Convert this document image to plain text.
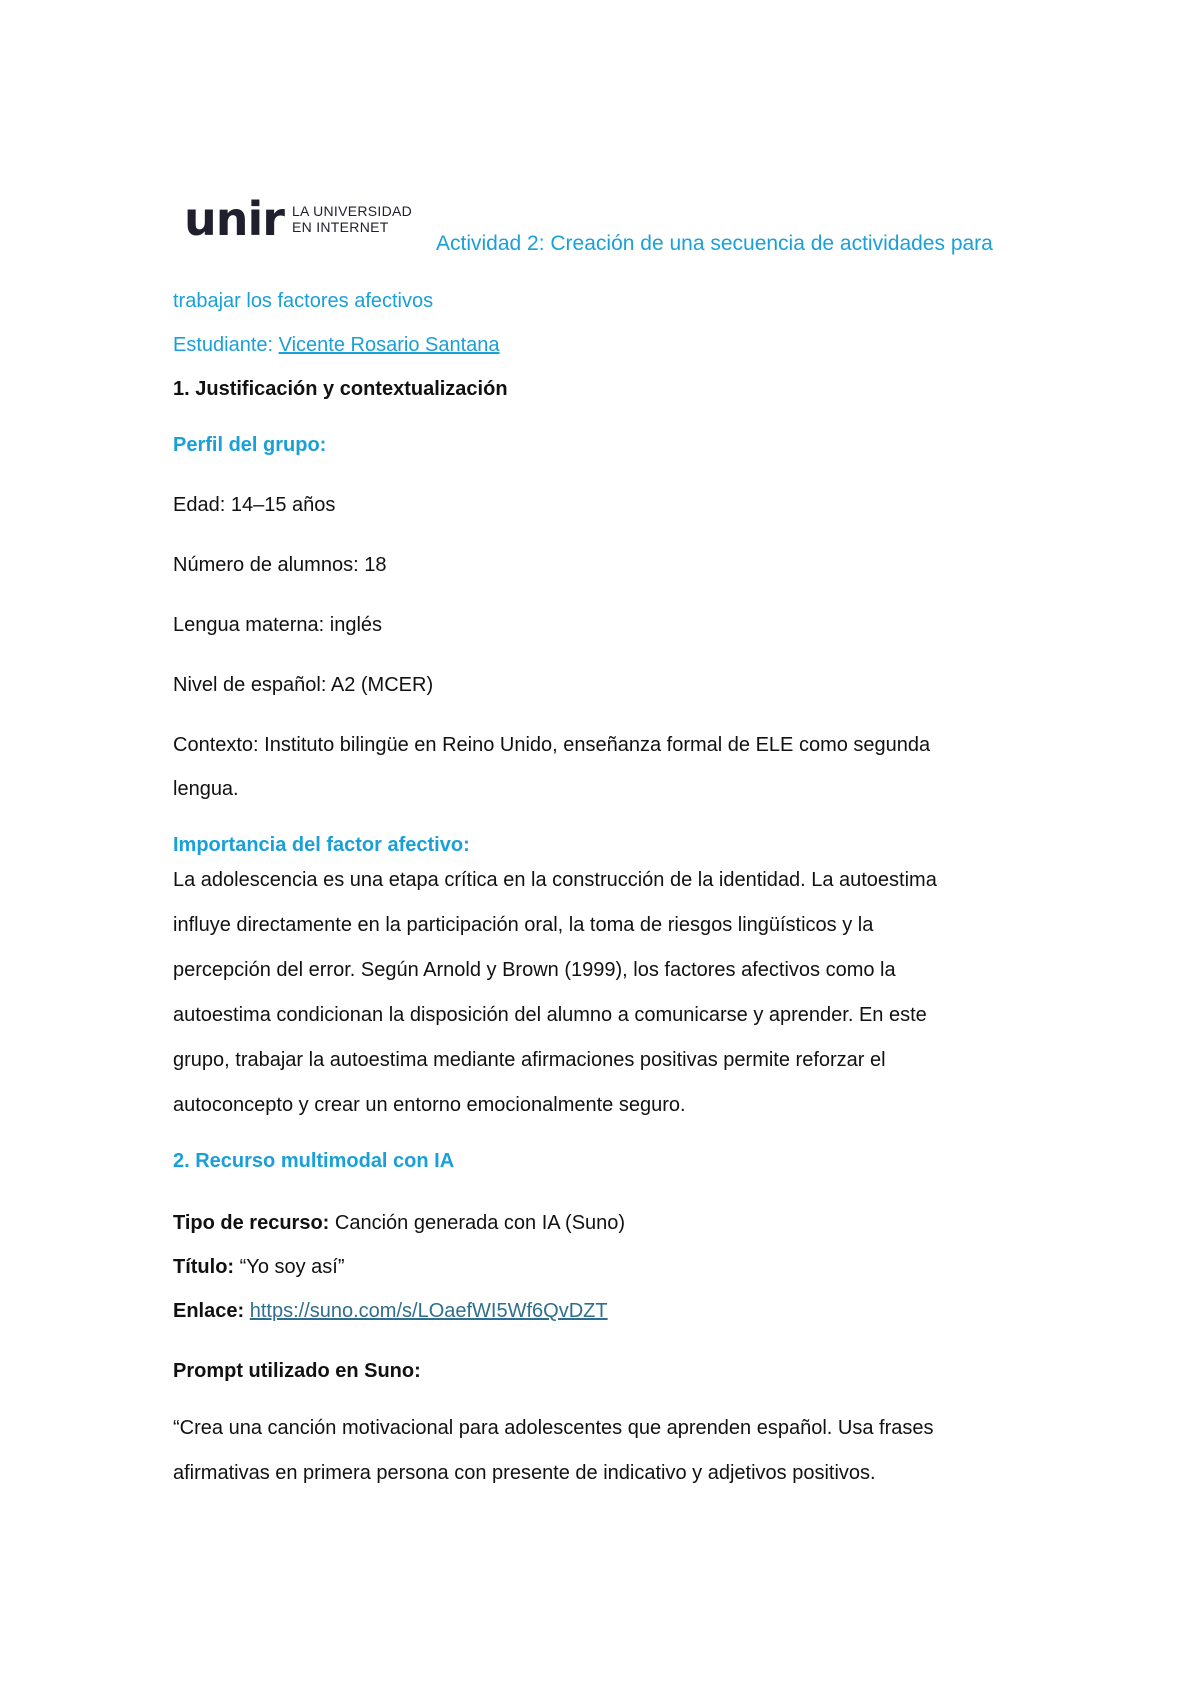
unir LA UNIVERSIDAD
EN INTERNET
Actividad 2: Creación de una secuencia de actividades para
trabajar los factores afectivos
Estudiante: Vicente Rosario Santana
1. Justificación y contextualización
Perfil del grupo:
Edad: 14–15 años
Número de alumnos: 18
Lengua materna: inglés
Nivel de español: A2 (MCER)
Contexto: Instituto bilingüe en Reino Unido, enseñanza formal de ELE como segunda
lengua.
Importancia del factor afectivo:
La adolescencia es una etapa crítica en la construcción de la identidad. La autoestima
influye directamente en la participación oral, la toma de riesgos lingüísticos y la
percepción del error. Según Arnold y Brown (1999), los factores afectivos como la
autoestima condicionan la disposición del alumno a comunicarse y aprender. En este
grupo, trabajar la autoestima mediante afirmaciones positivas permite reforzar el
autoconcepto y crear un entorno emocionalmente seguro.
2. Recurso multimodal con IA
Tipo de recurso: Canción generada con IA (Suno)
Título: “Yo soy así”
Enlace: https://suno.com/s/LOaefWI5Wf6QvDZT
Prompt utilizado en Suno:
“Crea una canción motivacional para adolescentes que aprenden español. Usa frases
afirmativas en primera persona con presente de indicativo y adjetivos positivos.
